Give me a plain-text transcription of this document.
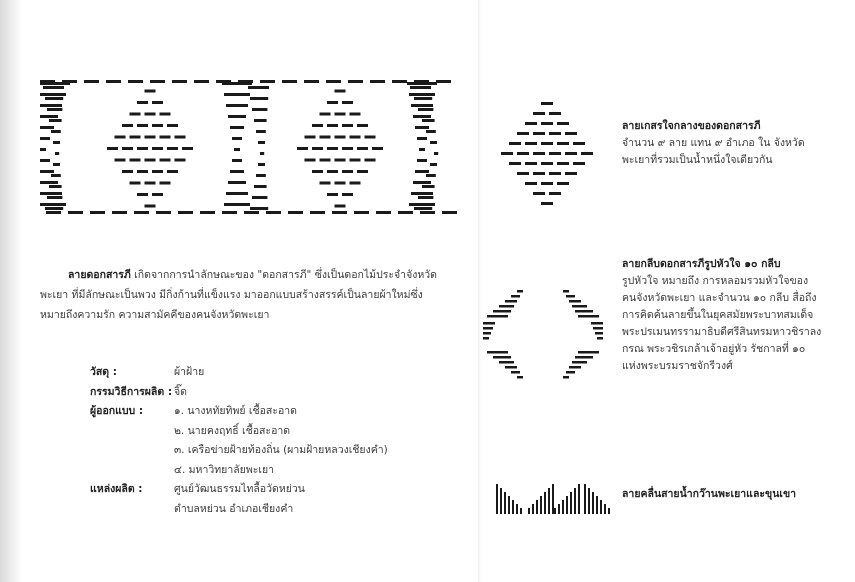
ลายดอกสารภี เกิดจากการนำลักษณะของ "ดอกสารภี" ซึ่งเป็นดอกไม้ประจำจังหวัดพะเยา ที่มีลักษณะเป็นพวง มีกิ่งก้านที่แข็งแรง มาออกแบบสร้างสรรค์เป็นลายผ้าใหม่ซึ่งหมายถึงความรัก ความสามัคคีของคนจังหวัดพะเยา
วัสดุ :	ผ้าฝ้าย
กรรมวิธีการผลิต : จิ๊ด
ผู้ออกแบบ :	๑. นางหทัยทิพย์ เชื้อสะอาด
๒. นายคงฤทธิ์ เชื้อสะอาด
๓. เครือข่ายฝ้ายท้องถิ่น (ผามฝ้ายหลวงเชียงคำ)
๔. มหาวิทยาลัยพะเยา
แหล่งผลิต :	ศูนย์วัฒนธรรมไทลื้อวัดหย่วน
ตำบลหย่วน อำเภอเชียงคำ
ลายเกสรใจกลางของดอกสารภี
จำนวน ๙ ลาย แทน ๙ อำเภอ ใน จังหวัดพะเยาที่รวมเป็นน้ำหนึ่งใจเดียวกัน
ลายกลีบดอกสารภีรูปหัวใจ ๑๐ กลีบ
รูปหัวใจ หมายถึง การหลอมรวมหัวใจของคนจังหวัดพะเยา และจำนวน ๑๐ กลีบ สื่อถึงการคิดค้นลายขึ้นในยุคสมัยพระบาทสมเด็จพระปรเมนทรรามาธิบดีศรีสินทรมหาวชิราลงกรณ พระวชิรเกล้าเจ้าอยู่หัว รัชกาลที่ ๑๐ แห่งพระบรมราชจักรีวงศ์
ลายคลื่นสายน้ำกว๊านพะเยาและขุนเขา
